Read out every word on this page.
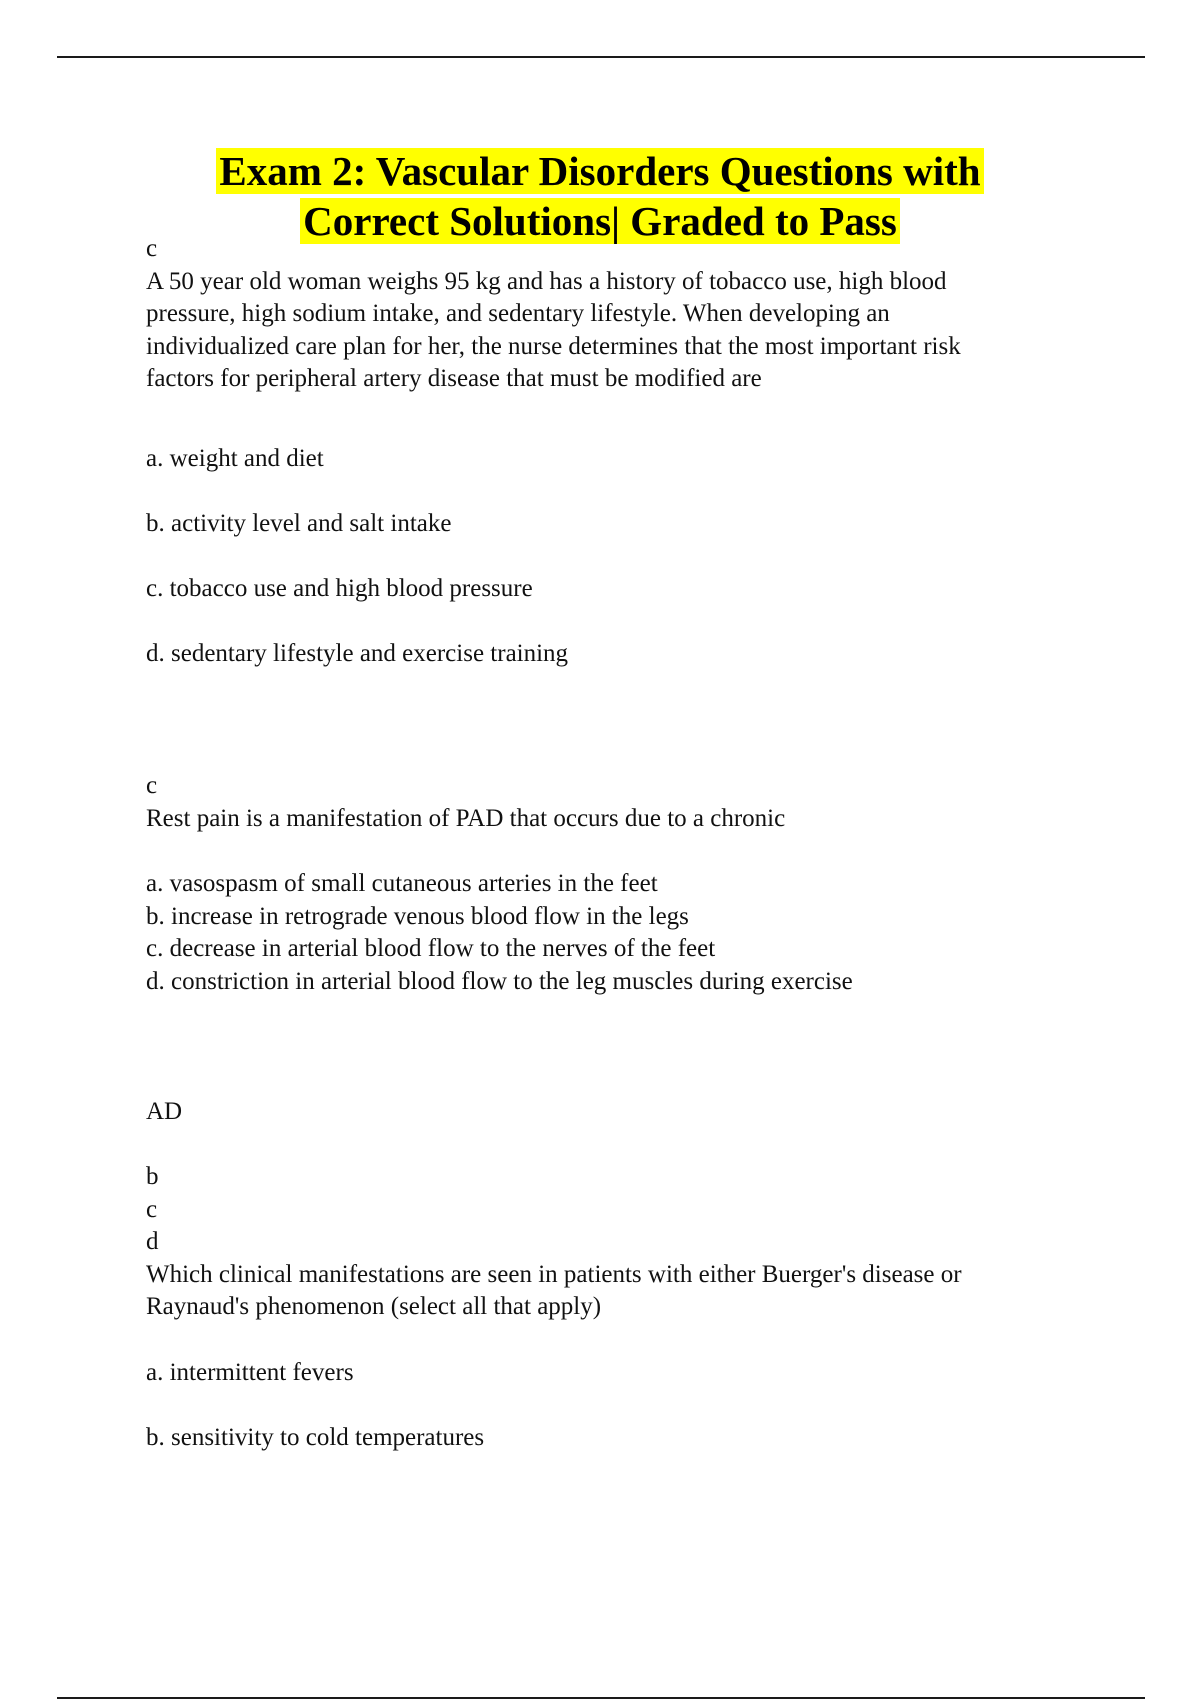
Exam 2: Vascular Disorders Questions with
Correct Solutions| Graded to Pass
c
A 50 year old woman weighs 95 kg and has a history of tobacco use, high blood
pressure, high sodium intake, and sedentary lifestyle. When developing an
individualized care plan for her, the nurse determines that the most important risk
factors for peripheral artery disease that must be modified are
a. weight and diet
b. activity level and salt intake
c. tobacco use and high blood pressure
d. sedentary lifestyle and exercise training
c
Rest pain is a manifestation of PAD that occurs due to a chronic
a. vasospasm of small cutaneous arteries in the feet
b. increase in retrograde venous blood flow in the legs
c. decrease in arterial blood flow to the nerves of the feet
d. constriction in arterial blood flow to the leg muscles during exercise
AD
b
c
d
Which clinical manifestations are seen in patients with either Buerger's disease or
Raynaud's phenomenon (select all that apply)
a. intermittent fevers
b. sensitivity to cold temperatures
